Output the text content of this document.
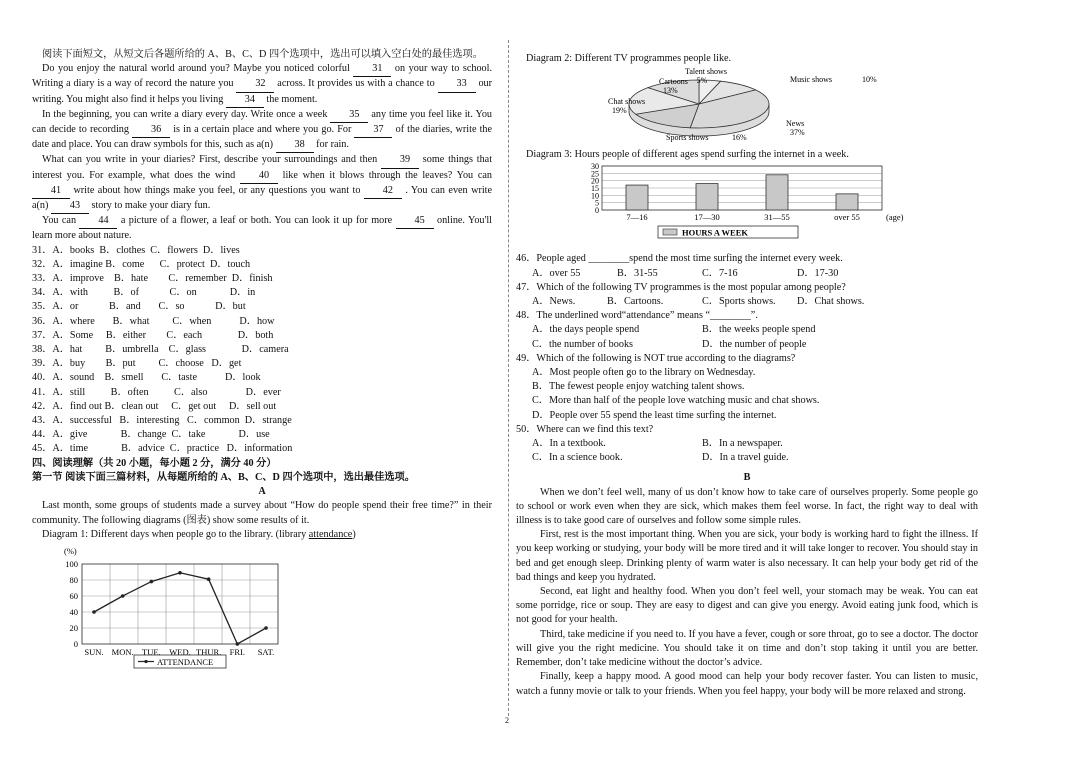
阅读下面短文，从短文后各题所给的 A、B、C、D 四个选项中，选出可以填入空白处的最佳选项。

Do you enjoy the natural world around you? Maybe you noticed colorful 31 on your way to school. Writing a diary is a way of record the nature you 32 across. It provides us with a chance to 33 our writing. You might also find it helps you living 34 the moment.

In the beginning, you can write a diary every day. Write once a week 35 any time you feel like it. You can decide to recording 36 is in a certain place and where you go. For 37 of the diaries, write the date and place. You can draw symbols for this, such as a(n) 38 for rain.

What can you write in your diaries? First, describe your surroundings and then 39 some things that interest you. For example, what does the wind 40 like when it blows through the leaves? You can 41 write about how things make you feel, or any questions you want to 42 . You can even write a(n) 43 story to make your diary fun.

You can 44 a picture of a flower, a leaf or both. You can look it up for more 45 online. You'll learn more about nature.

31．A．books  B．clothes  C．flowers  D．lives

32．A．imagine B．come      C．protect  D．touch

33．A．improve    B．hate        C．remember  D．finish

34．A．with          B．of            C．on             D．in

35．A．or            B．and       C．so            D．but

36．A．where       B．what         C．when           D．how

37．A．Some     B．either        C．each              D．both

38．A．hat         B．umbrella    C．glass              D．camera

39．A．buy        B．put         C．choose   D．get

40．A．sound    B．smell       C．taste           D．look

41．A．still          B．often          C．also               D．ever

42．A．find out B．clean out     C．get out     D．sell out

43．A．successful   B．interesting   C．common  D．strange

44．A．give             B．change  C．take             D．use

45．A．time             B．advice  C．practice   D．information

四、阅读理解（共 20 小题，每小题 2 分，满分 40 分）

第一节 阅读下面三篇材料，从每题所给的 A、B、C、D 四个选项中，选出最佳选项。

A

Last month, some groups of students made a survey about “How do people spend their free time?” in their community. The following diagrams (图表) show some results of it.

Diagram 1: Different days when people go to the library. (library attendance)

(%)
0
20
40
60
80
100
SUN. MON. TUE. WED. THUR. FRI. SAT.
ATTENDANCE

Diagram 2: Different TV programmes people like.

Talent shows
5%	Music shows	10%
News
37%
Sports shows	16%
Chat shows
19%
Cartoons
13%

Diagram 3: Hours people of different ages spend surfing the internet in a week.

0
5
10
15
20
25
30
7—16	17—30	31—55	over 55	(age)
HOURS A WEEK

46．People aged ________spend the most time surfing the internet every week.

A．over 55	B．31-55	C．7-16	D．17-30

47．Which of the following TV programmes is the most popular among people?

A．News.	B．Cartoons.	C．Sports shows. D．Chat shows.

48．The underlined word“attendance” means “________”.

A．the days people spend	B．the weeks people spend

C．the number of books	D．the number of people

49．Which of the following is NOT true according to the diagrams?

A．Most people often go to the library on Wednesday.

B．The fewest people enjoy watching talent shows.

C．More than half of the people love watching music and chat shows.

D．People over 55 spend the least time surfing the internet.

50．Where can we find this text?

A．In a textbook.	B．In a newspaper.

C．In a science book.	D．In a travel guide.

B

When we don’t feel well, many of us don’t know how to take care of ourselves properly. Some people go to school or work even when they are sick, which makes them feel worse. In fact, the right way to deal with illness is to take good care of ourselves and follow some simple rules.

First, rest is the most important thing. When you are sick, your body is working hard to fight the illness. If you keep working or studying, your body will be more tired and it will take longer to recover. You should stay in bed and get enough sleep. Drinking plenty of warm water is also necessary. It can help your body get rid of the bad things and keep you hydrated.

Second, eat light and healthy food. When you don’t feel well, your stomach may be weak. You can eat some porridge, rice or soup. They are easy to digest and can give you energy. Avoid eating junk food, which is not good for your health.

Third, take medicine if you need to. If you have a fever, cough or sore throat, go to see a doctor. The doctor will give you the right medicine. You should take it on time and don’t stop taking it until you are better. Remember, don’t take medicine without the doctor’s advice.

Finally, keep a happy mood. A good mood can help your body recover faster. You can listen to music, watch a funny movie or talk to your friends. When you feel happy, your body will be more relaxed and strong.

2
